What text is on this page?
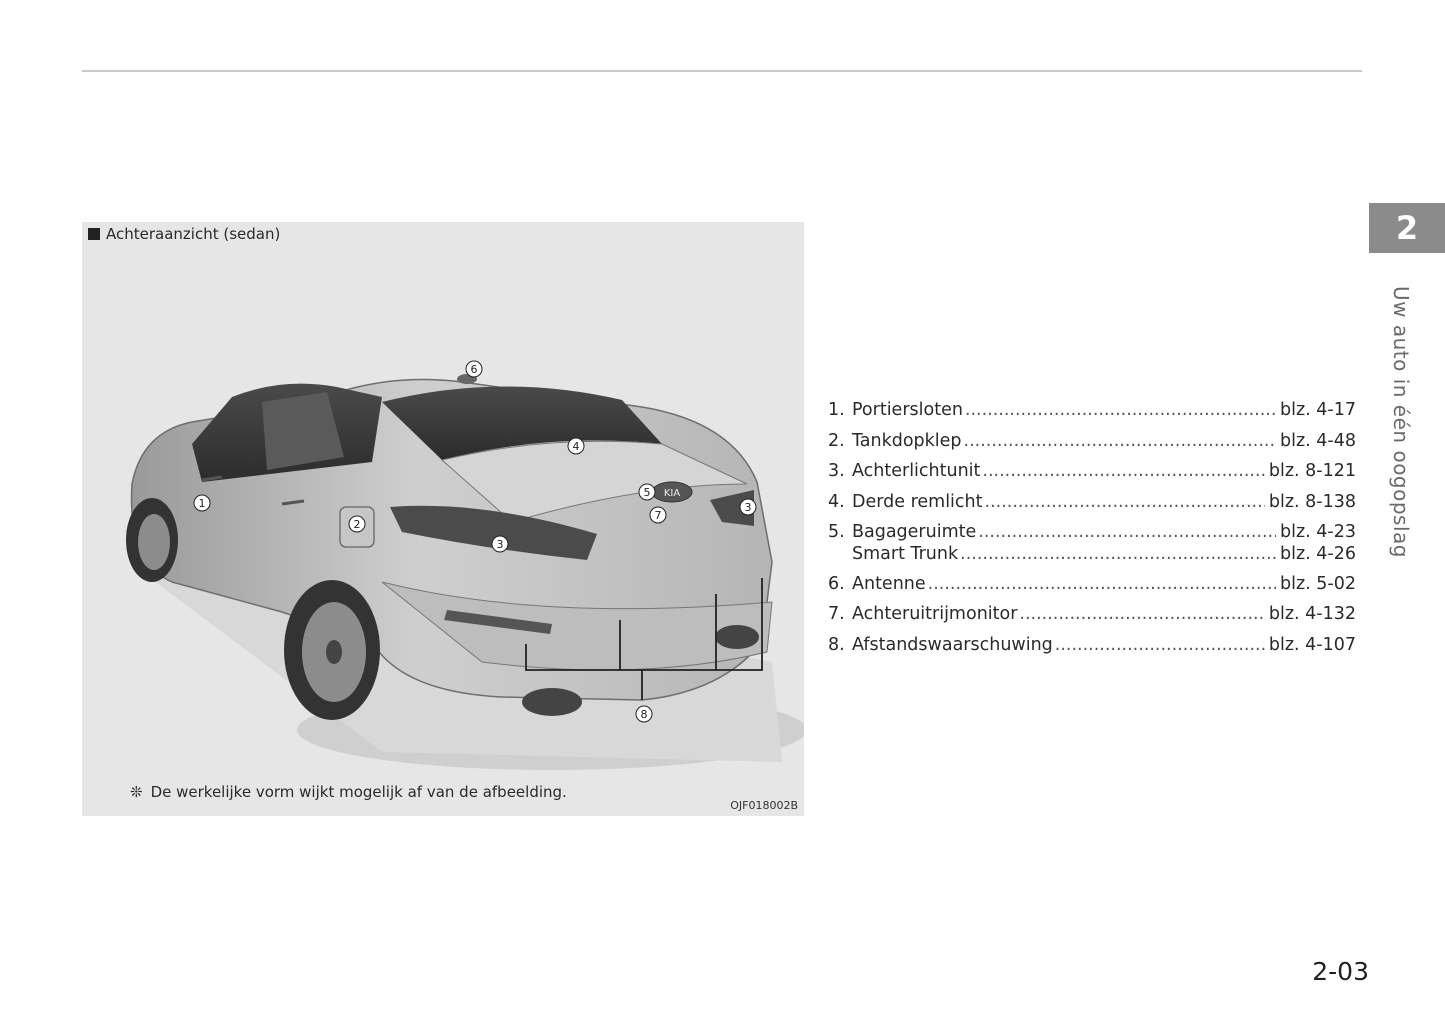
KIA
1
2
3
3
4
5
6
7
8
Achteraanzicht (sedan)
❊ De werkelijke vorm wijkt mogelijk af van de afbeelding.
OJF018002B
1. Portiersloten .....	blz. 4-17
2. Tankdopklep .....	blz. 4-48
3. Achterlichtunit .....	blz. 8-121
4. Derde remlicht .....	blz. 8-138
5. Bagageruimte .....	blz. 4-23
Smart Trunk .....	blz. 4-26
6. Antenne .....	blz. 5-02
7. Achteruitrijmonitor .....	blz. 4-132
8. Afstandswaarschuwing .....	blz. 4-107
2
Uw auto in één oogopslag
2-03
